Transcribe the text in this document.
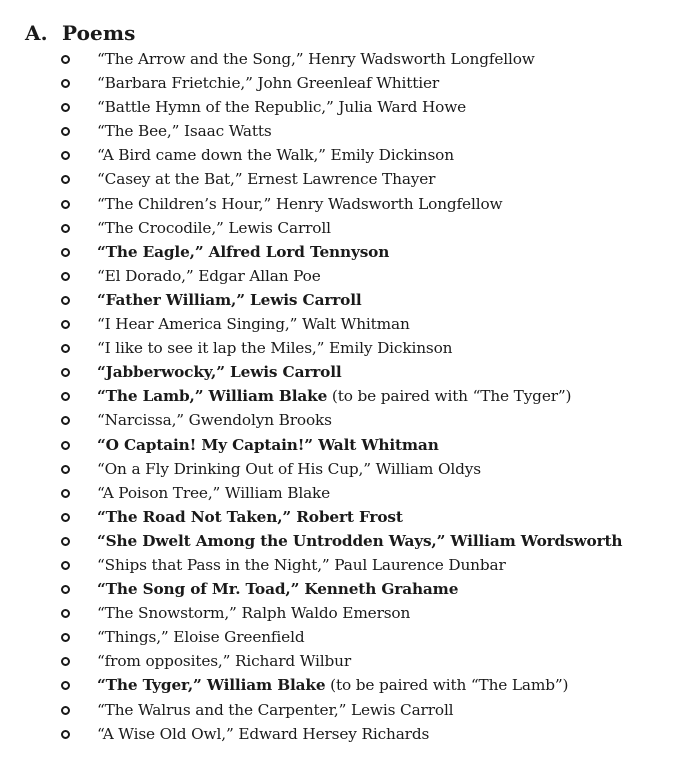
A. Poems
“The Arrow and the Song,” Henry Wadsworth Longfellow
“Barbara Frietchie,” John Greenleaf Whittier
“Battle Hymn of the Republic,” Julia Ward Howe
“The Bee,” Isaac Watts
“A Bird came down the Walk,” Emily Dickinson
“Casey at the Bat,” Ernest Lawrence Thayer
“The Children’s Hour,” Henry Wadsworth Longfellow
“The Crocodile,” Lewis Carroll
“The Eagle,” Alfred Lord Tennyson
“El Dorado,” Edgar Allan Poe
“Father William,” Lewis Carroll
“I Hear America Singing,” Walt Whitman
“I like to see it lap the Miles,” Emily Dickinson
“Jabberwocky,” Lewis Carroll
“The Lamb,” William Blake (to be paired with “The Tyger”)
“Narcissa,” Gwendolyn Brooks
“O Captain! My Captain!” Walt Whitman
“On a Fly Drinking Out of His Cup,” William Oldys
“A Poison Tree,” William Blake
“The Road Not Taken,” Robert Frost
“She Dwelt Among the Untrodden Ways,” William Wordsworth
“Ships that Pass in the Night,” Paul Laurence Dunbar
“The Song of Mr. Toad,” Kenneth Grahame
“The Snowstorm,” Ralph Waldo Emerson
“Things,” Eloise Greenfield
“from opposites,” Richard Wilbur
“The Tyger,” William Blake (to be paired with “The Lamb”)
“The Walrus and the Carpenter,” Lewis Carroll
“A Wise Old Owl,” Edward Hersey Richards
